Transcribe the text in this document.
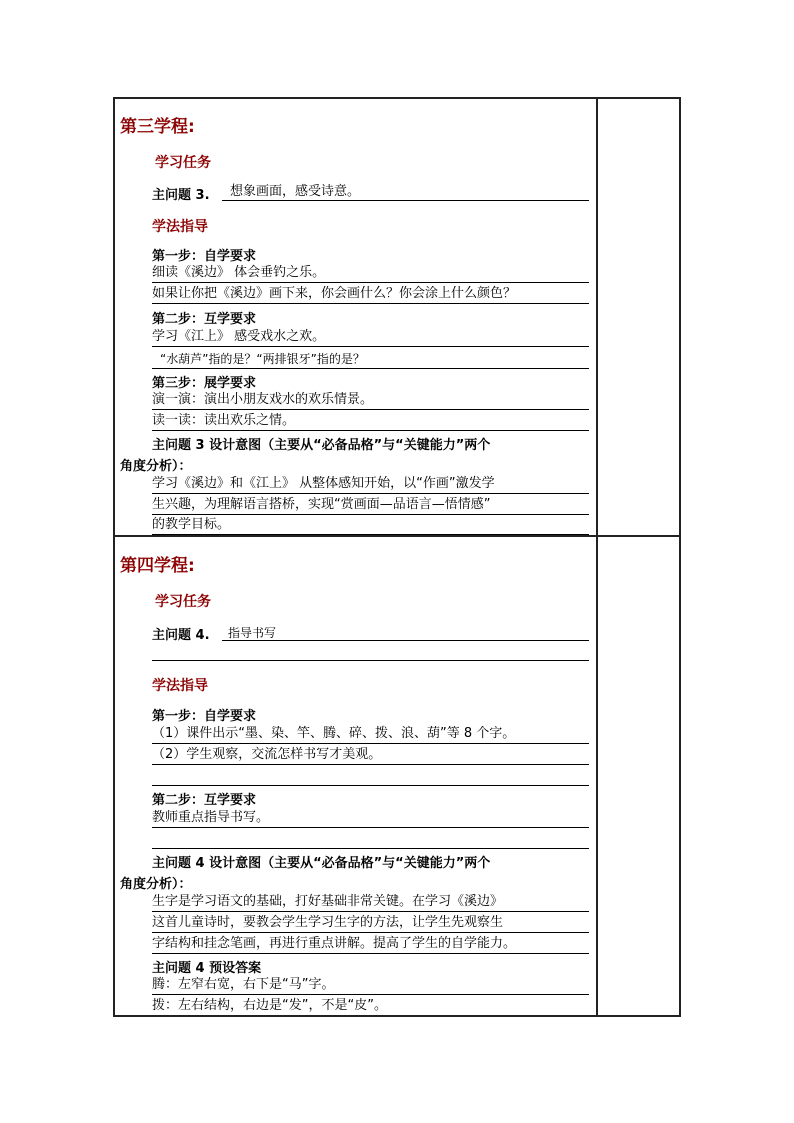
第三学程:
学习任务
主问题 3. 想象画面，感受诗意。
学法指导
第一步：自学要求
细读《溪边》 体会垂钓之乐。
如果让你把《溪边》画下来，你会画什么？你会涂上什么颜色？
第二步：互学要求
学习《江上》 感受戏水之欢。
“水葫芦”指的是？“两排银牙”指的是？
第三步：展学要求
演一演：演出小朋友戏水的欢乐情景。
读一读：读出欢乐之情。
主问题 3 设计意图（主要从“必备品格”与“关键能力”两个
角度分析）：
学习《溪边》和《江上》 从整体感知开始，以“作画”激发学
生兴趣，为理解语言搭桥，实现“赏画面—品语言—悟情感”
的教学目标。
第四学程:
学习任务
主问题 4. 指导书写
学法指导
第一步：自学要求
（1）课件出示“墨、染、竿、腾、碎、拨、浪、葫”等 8 个字。
（2）学生观察，交流怎样书写才美观。
第二步：互学要求
教师重点指导书写。
主问题 4 设计意图（主要从“必备品格”与“关键能力”两个
角度分析）：
生字是学习语文的基础，打好基础非常关键。在学习《溪边》
这首儿童诗时，要教会学生学习生字的方法，让学生先观察生
字结构和挂念笔画，再进行重点讲解。提高了学生的自学能力。
主问题 4 预设答案
腾：左窄右宽，右下是“马”字。
拨：左右结构，右边是“发”，不是“皮”。
